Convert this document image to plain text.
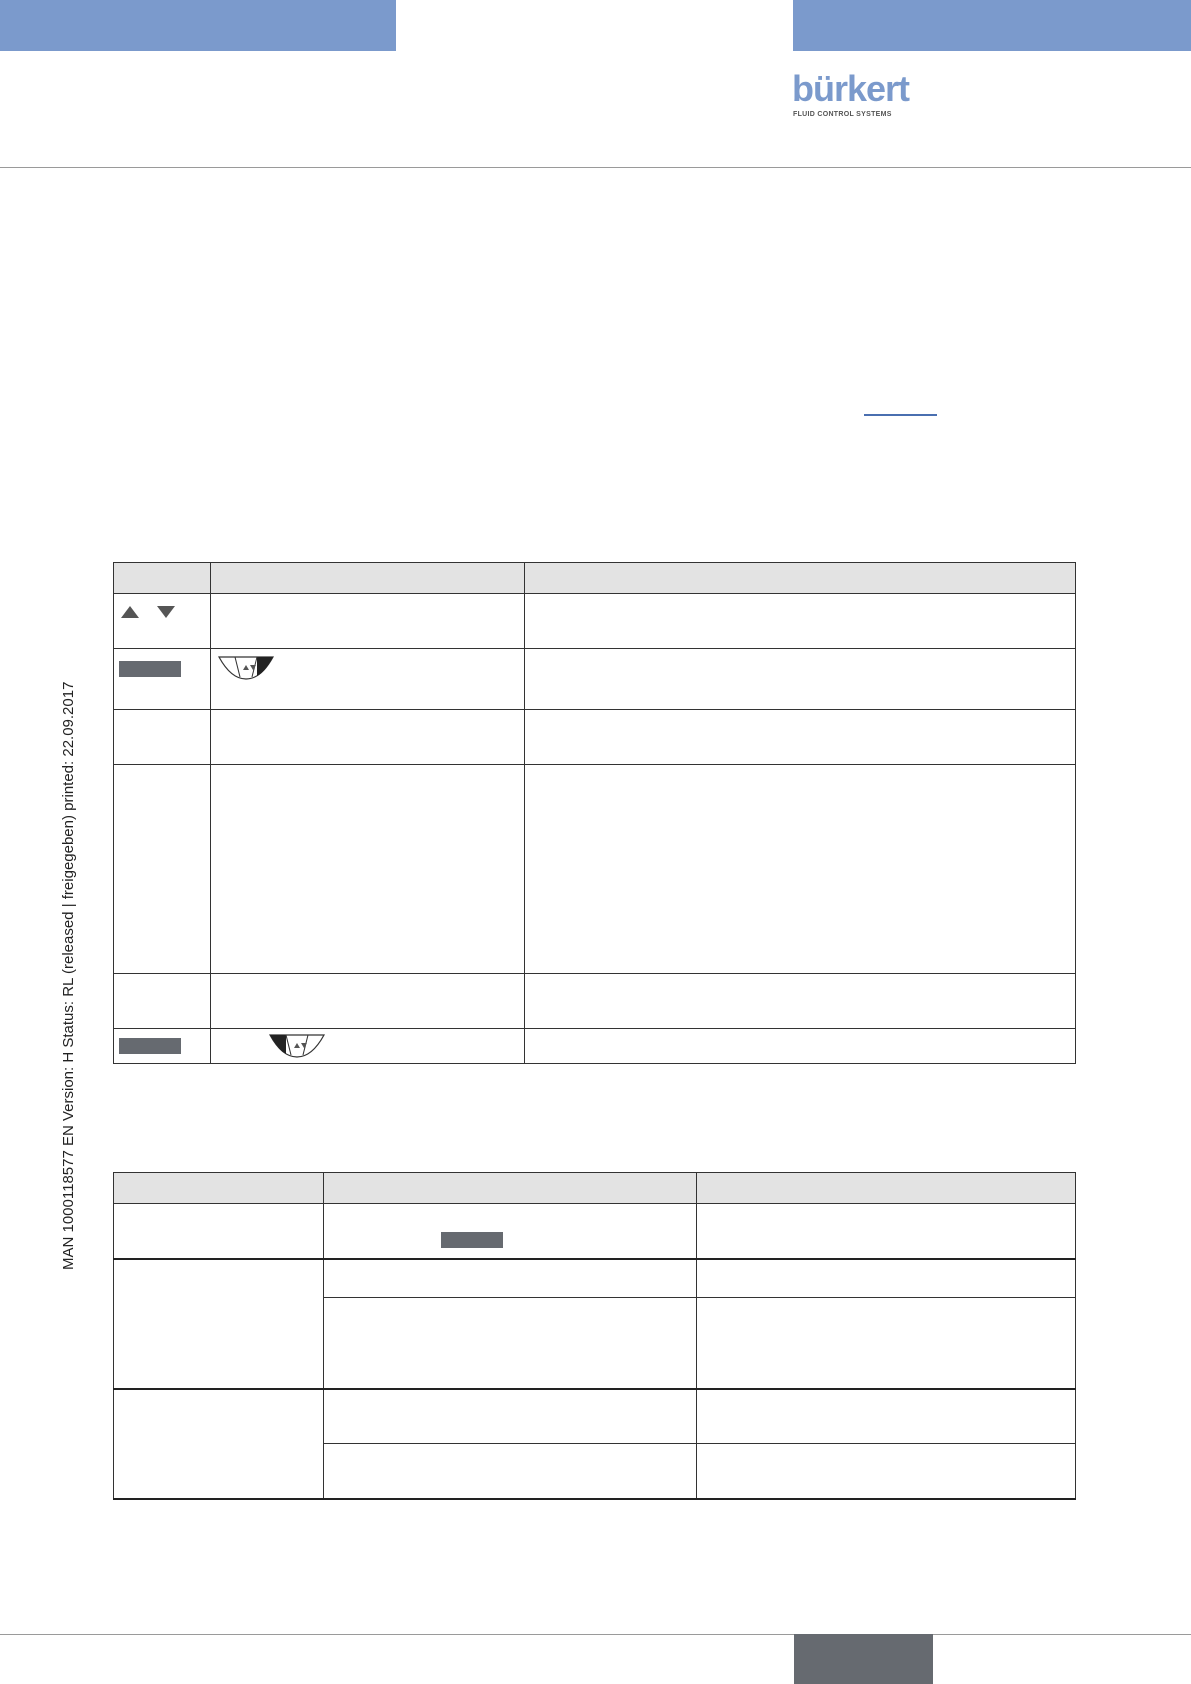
bürkert
FLUID CONTROL SYSTEMS
MAN 1000118577 EN Version: H Status: RL (released | freigegeben) printed: 22.09.2017
